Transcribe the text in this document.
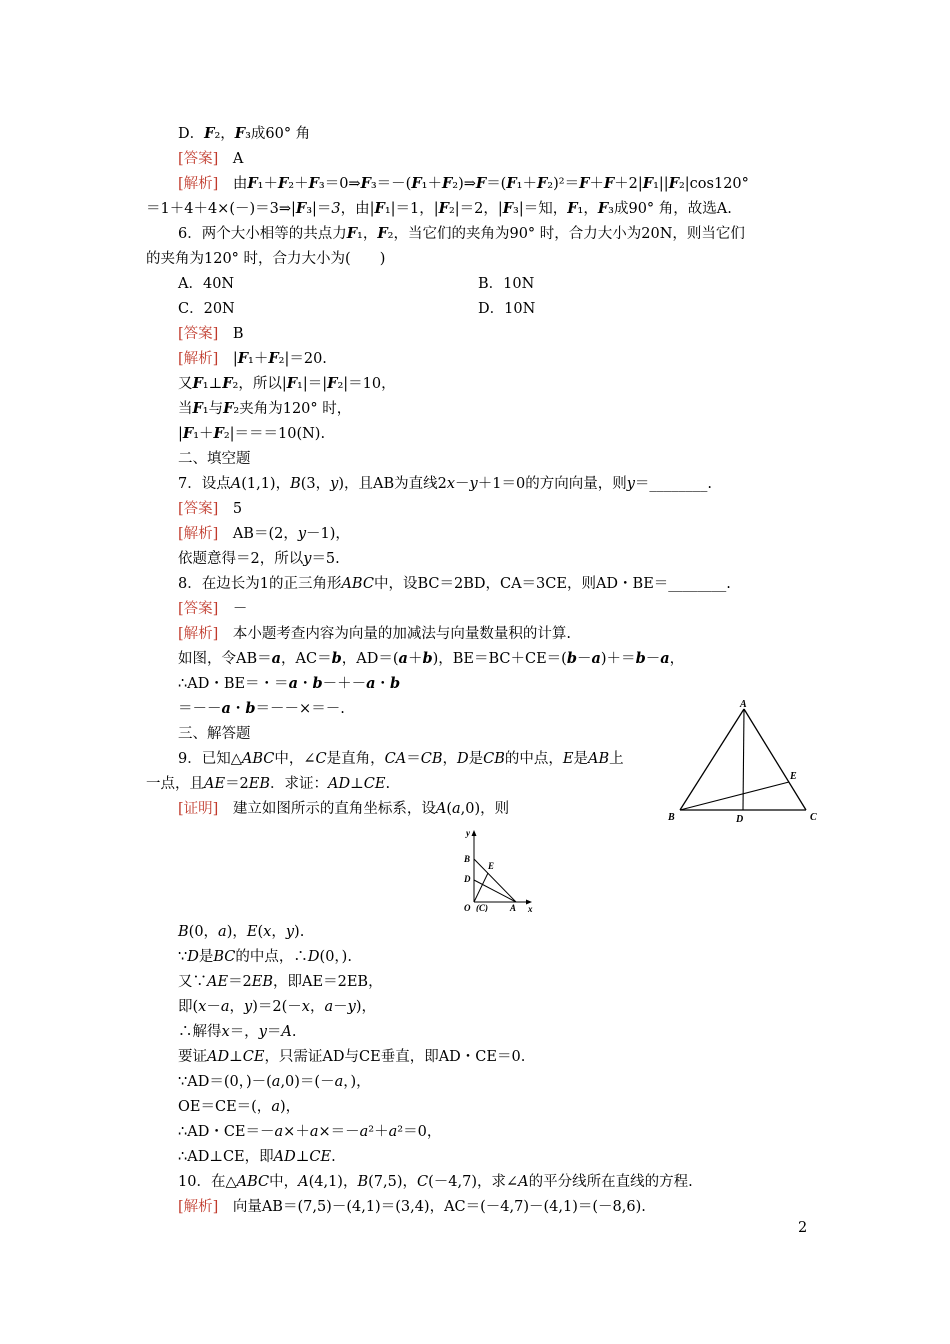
D．F₂，F₃成60° 角
[答案]　A
[解析]　由F₁＋F₂＋F₃＝0⇒F₃＝－(F₁＋F₂)⇒F＝(F₁＋F₂)²＝F＋F＋2|F₁||F₂|cos120°
＝1＋4＋4×(－)＝3⇒|F₃|＝3，由|F₁|＝1，|F₂|＝2，|F₃|＝知，F₁，F₃成90° 角，故选A.
6．两个大小相等的共点力F₁，F₂，当它们的夹角为90° 时，合力大小为20N，则当它们
的夹角为120° 时，合力大小为(　　)
A．40N	B．10N
C．20N	D．10N
[答案]　B
[解析]　|F₁＋F₂|＝20.
又F₁⊥F₂，所以|F₁|＝|F₂|＝10，
当F₁与F₂夹角为120° 时，
|F₁＋F₂|＝＝＝10(N).
二、填空题
7．设点A(1,1)，B(3，y)，且AB为直线2x－y＋1＝0的方向向量，则y＝________.
[答案]　5
[解析]　AB＝(2，y－1)，
依题意得＝2，所以y＝5.
8．在边长为1的正三角形ABC中，设BC＝2BD，CA＝3CE，则AD・BE＝________.
[答案]　－
[解析]　本小题考查内容为向量的加减法与向量数量积的计算.
如图，令AB＝a，AC＝b，AD＝(a＋b)，BE＝BC＋CE＝(b－a)＋＝b－a，
∴AD・BE＝・＝a・b－＋－a・b
＝－－a・b＝－－×＝－.
三、解答题
9．已知△ABC中，∠C是直角，CA＝CB，D是CB的中点，E是AB上
一点，且AE＝2EB．求证：AD⊥CE.
[证明]　建立如图所示的直角坐标系，设A(a,0)，则
B(0，a)，E(x，y).
∵D是BC的中点，∴D(0，).
又∵AE＝2EB，即AE＝2EB，
即(x－a，y)＝2(－x，a－y)，
∴解得x＝，y＝A.
要证AD⊥CE，只需证AD与CE垂直，即AD・CE＝0.
∵AD＝(0，)－(a,0)＝(－a，)，
OE＝CE＝(，a)，
∴AD・CE＝－a×＋a×＝－a²＋a²＝0，
∴AD⊥CE，即AD⊥CE.
10．在△ABC中，A(4,1)，B(7,5)，C(－4,7)，求∠A的平分线所在直线的方程.
[解析]　向量AB＝(7,5)－(4,1)＝(3,4)，AC＝(－4,7)－(4,1)＝(－8,6).
A
B	C
D
E
y
x
B
E
D
O (C) A
2
